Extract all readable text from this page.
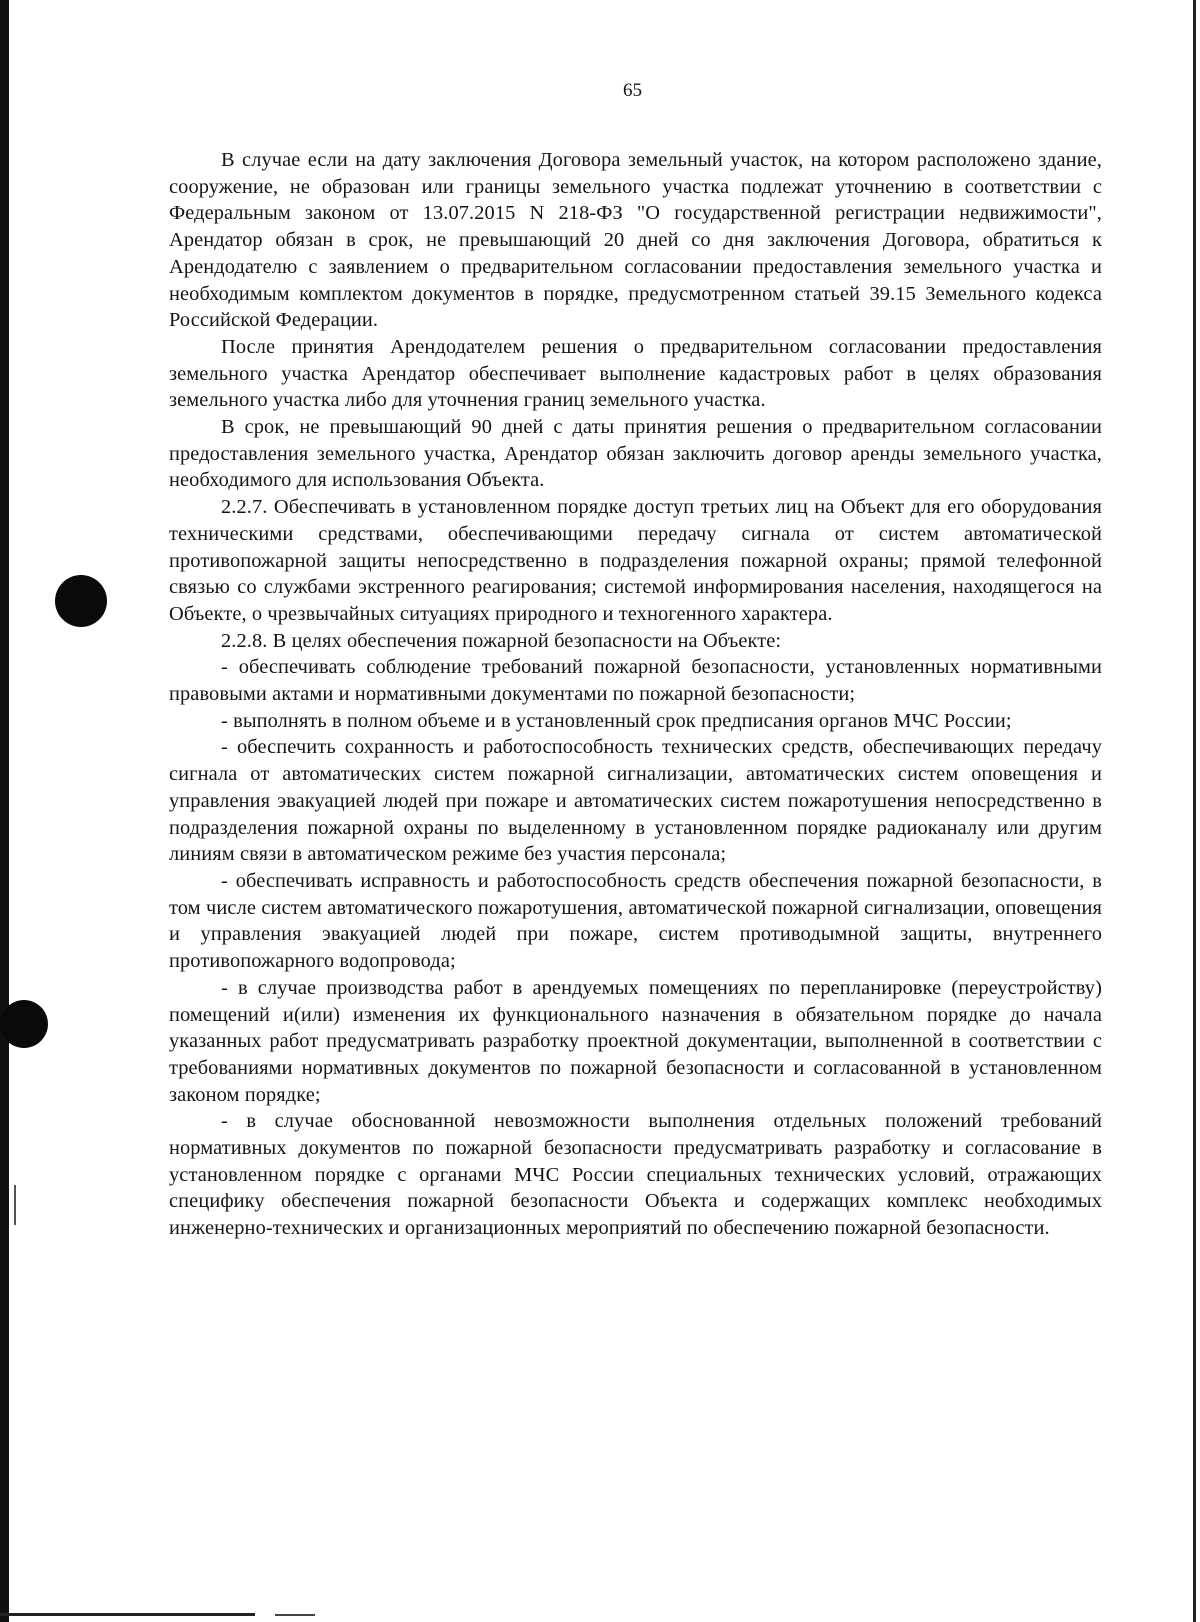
65

В случае если на дату заключения Договора земельный участок, на котором расположено здание, сооружение, не образован или границы земельного участка подлежат уточнению в соответствии с Федеральным законом от 13.07.2015 N 218-ФЗ "О государственной регистрации недвижимости", Арендатор обязан в срок, не превышающий 20 дней со дня заключения Договора, обратиться к Арендодателю с заявлением о предварительном согласовании предоставления земельного участка и необходимым комплектом документов в порядке, предусмотренном статьей 39.15 Земельного кодекса Российской Федерации.

После принятия Арендодателем решения о предварительном согласовании предоставления земельного участка Арендатор обеспечивает выполнение кадастровых работ в целях образования земельного участка либо для уточнения границ земельного участка.

В срок, не превышающий 90 дней с даты принятия решения о предварительном согласовании предоставления земельного участка, Арендатор обязан заключить договор аренды земельного участка, необходимого для использования Объекта.

2.2.7. Обеспечивать в установленном порядке доступ третьих лиц на Объект для его оборудования техническими средствами, обеспечивающими передачу сигнала от систем автоматической противопожарной защиты непосредственно в подразделения пожарной охраны; прямой телефонной связью со службами экстренного реагирования; системой информирования населения, находящегося на Объекте, о чрезвычайных ситуациях природного и техногенного характера.

2.2.8. В целях обеспечения пожарной безопасности на Объекте:

- обеспечивать соблюдение требований пожарной безопасности, установленных нормативными правовыми актами и нормативными документами по пожарной безопасности;

- выполнять в полном объеме и в установленный срок предписания органов МЧС России;

- обеспечить сохранность и работоспособность технических средств, обеспечивающих передачу сигнала от автоматических систем пожарной сигнализации, автоматических систем оповещения и управления эвакуацией людей при пожаре и автоматических систем пожаротушения непосредственно в подразделения пожарной охраны по выделенному в установленном порядке радиоканалу или другим линиям связи в автоматическом режиме без участия персонала;

- обеспечивать исправность и работоспособность средств обеспечения пожарной безопасности, в том числе систем автоматического пожаротушения, автоматической пожарной сигнализации, оповещения и управления эвакуацией людей при пожаре, систем противодымной защиты, внутреннего противопожарного водопровода;

- в случае производства работ в арендуемых помещениях по перепланировке (переустройству) помещений и(или) изменения их функционального назначения в обязательном порядке до начала указанных работ предусматривать разработку проектной документации, выполненной в соответствии с требованиями нормативных документов по пожарной безопасности и согласованной в установленном законом порядке;

- в случае обоснованной невозможности выполнения отдельных положений требований нормативных документов по пожарной безопасности предусматривать разработку и согласование в установленном порядке с органами МЧС России специальных технических условий, отражающих специфику обеспечения пожарной безопасности Объекта и содержащих комплекс необходимых инженерно-технических и организационных мероприятий по обеспечению пожарной безопасности.
